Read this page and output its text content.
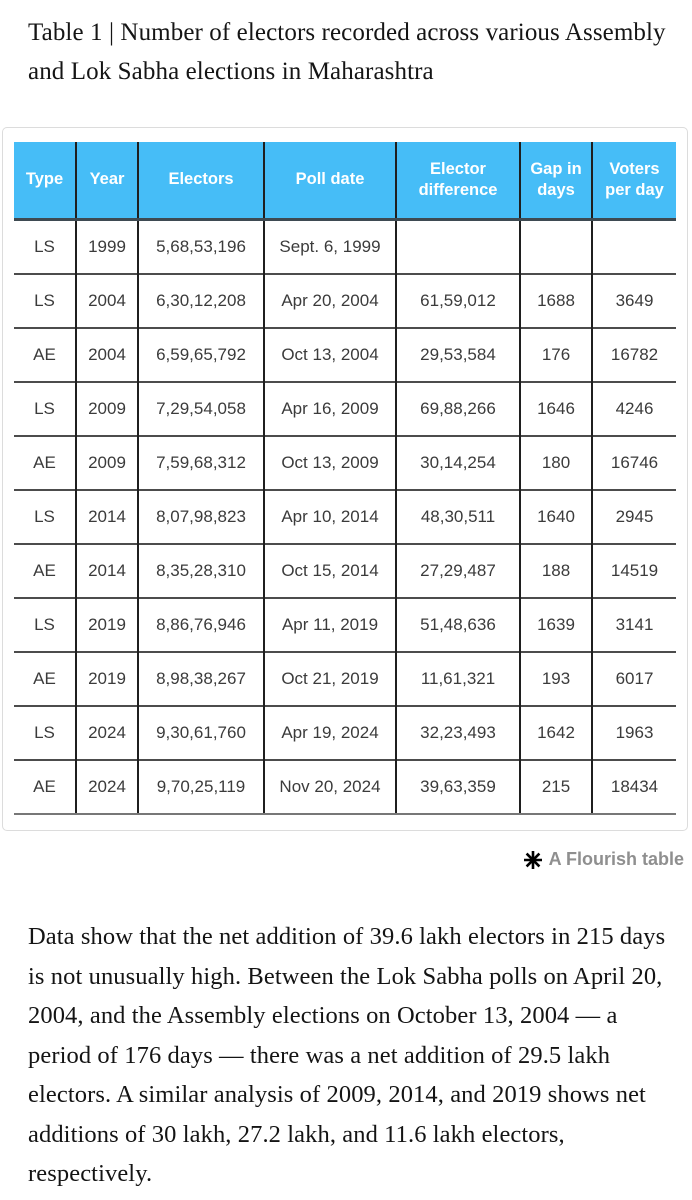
Table 1 | Number of electors recorded across various Assembly and Lok Sabha elections in Maharashtra
Type	Year	Electors	Poll date	Elector difference	Gap in days	Voters per day
LS	1999	5,68,53,196	Sept. 6, 1999			
LS	2004	6,30,12,208	Apr 20, 2004	61,59,012	1688	3649
AE	2004	6,59,65,792	Oct 13, 2004	29,53,584	176	16782
LS	2009	7,29,54,058	Apr 16, 2009	69,88,266	1646	4246
AE	2009	7,59,68,312	Oct 13, 2009	30,14,254	180	16746
LS	2014	8,07,98,823	Apr 10, 2014	48,30,511	1640	2945
AE	2014	8,35,28,310	Oct 15, 2014	27,29,487	188	14519
LS	2019	8,86,76,946	Apr 11, 2019	51,48,636	1639	3141
AE	2019	8,98,38,267	Oct 21, 2019	11,61,321	193	6017
LS	2024	9,30,61,760	Apr 19, 2024	32,23,493	1642	1963
AE	2024	9,70,25,119	Nov 20, 2024	39,63,359	215	18434
A Flourish table
Data show that the net addition of 39.6 lakh electors in 215 days is not unusually high. Between the Lok Sabha polls on April 20, 2004, and the Assembly elections on October 13, 2004 — a period of 176 days — there was a net addition of 29.5 lakh electors. A similar analysis of 2009, 2014, and 2019 shows net additions of 30 lakh, 27.2 lakh, and 11.6 lakh electors, respectively.
